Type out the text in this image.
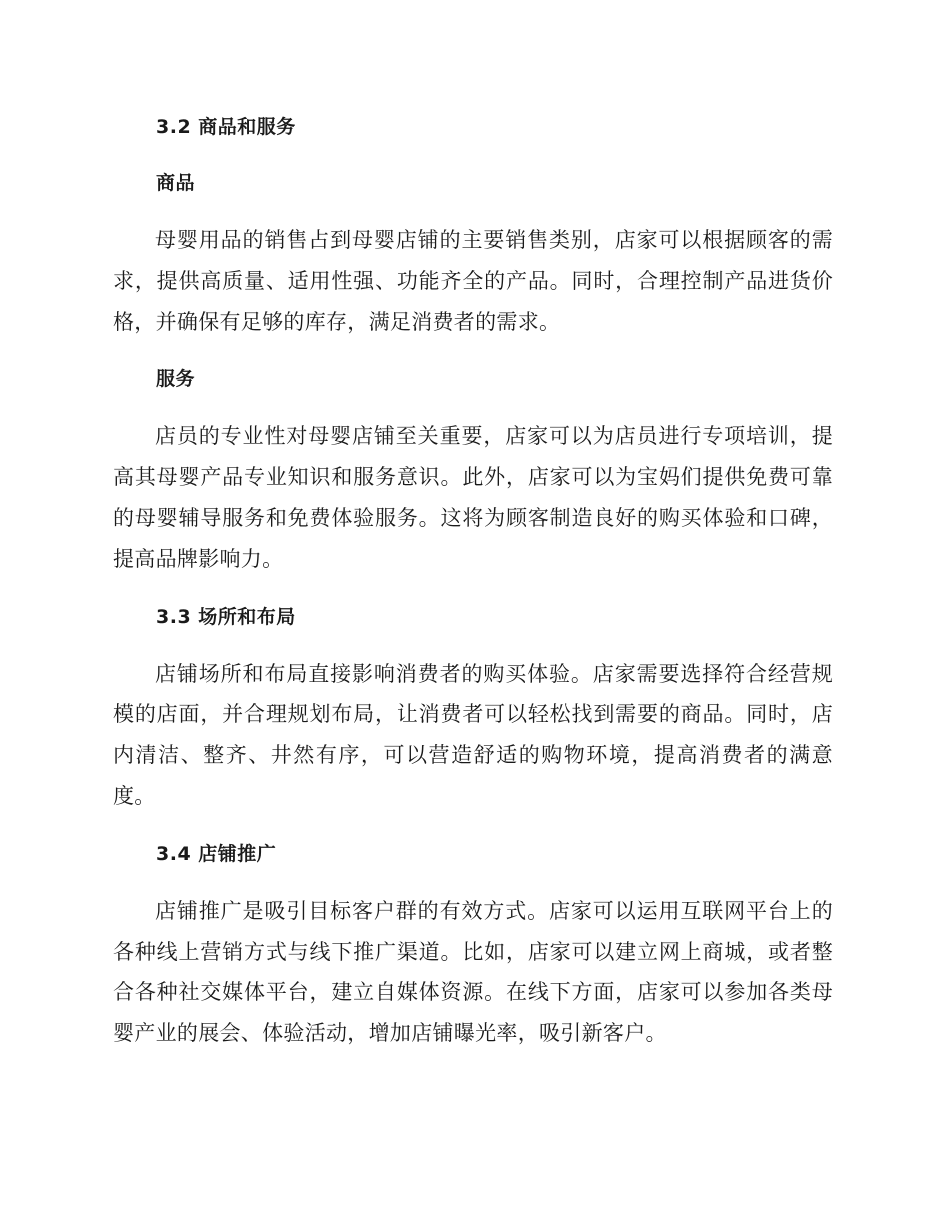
3.2 商品和服务
商品

母婴用品的销售占到母婴店铺的主要销售类别，店家可以根据顾客的需求，提供高质量、适用性强、功能齐全的产品。同时，合理控制产品进货价格，并确保有足够的库存，满足消费者的需求。

服务

店员的专业性对母婴店铺至关重要，店家可以为店员进行专项培训，提高其母婴产品专业知识和服务意识。此外，店家可以为宝妈们提供免费可靠的母婴辅导服务和免费体验服务。这将为顾客制造良好的购买体验和口碑，提高品牌影响力。

3.3 场所和布局

店铺场所和布局直接影响消费者的购买体验。店家需要选择符合经营规模的店面，并合理规划布局，让消费者可以轻松找到需要的商品。同时，店内清洁、整齐、井然有序，可以营造舒适的购物环境，提高消费者的满意度。

3.4 店铺推广

店铺推广是吸引目标客户群的有效方式。店家可以运用互联网平台上的各种线上营销方式与线下推广渠道。比如，店家可以建立网上商城，或者整合各种社交媒体平台，建立自媒体资源。在线下方面，店家可以参加各类母婴产业的展会、体验活动，增加店铺曝光率，吸引新客户。
